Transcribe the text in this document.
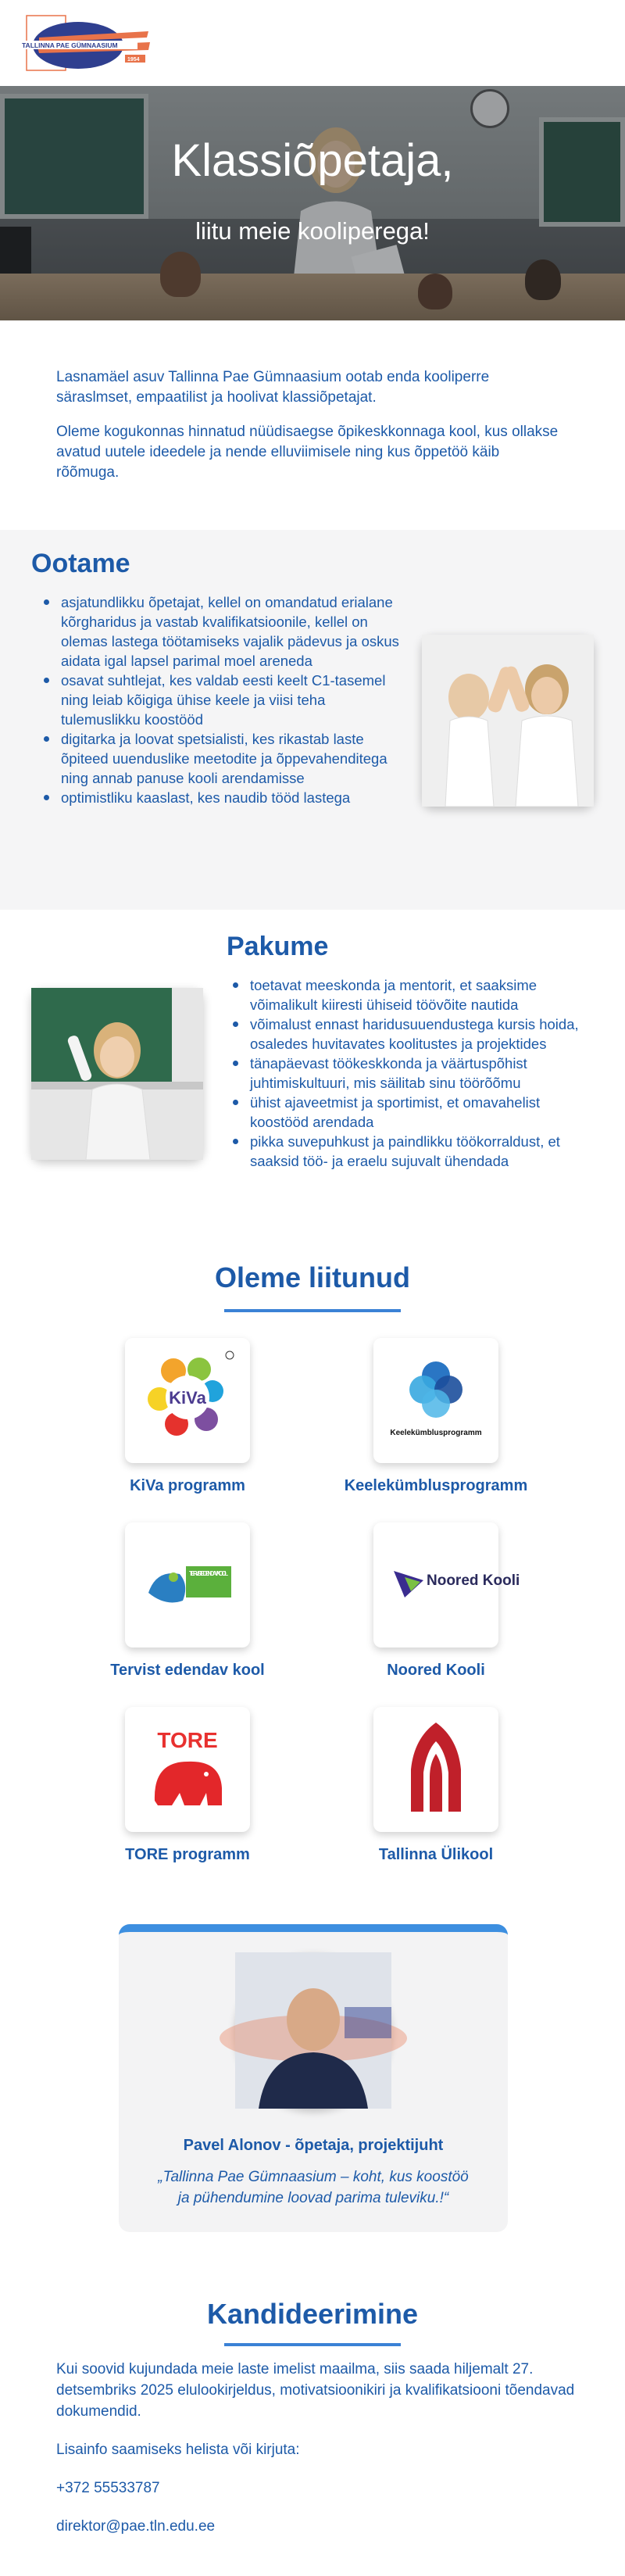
TALLINNA PAE GÜMNAASIUM
1954
Klassiõpetaja,
liitu meie kooliperega!

Lasnamäel asuv Tallinna Pae Gümnaasium ootab enda kooliperre säraslmset, empaatilist ja hoolivat klassiõpetajat.

Oleme kogukonnas hinnatud nüüdisaegse õpikeskkonnaga kool, kus ollakse avatud uutele ideedele ja nende elluviimisele ning kus õppetöö käib rõõmuga.

Ootame
asjatundlikku õpetajat, kellel on omandatud erialane kõrgharidus ja vastab kvalifikatsioonile, kellel on olemas lastega töötamiseks vajalik pädevus ja oskus aidata igal lapsel parimal moel areneda
osavat suhtlejat, kes valdab eesti keelt C1-tasemel ning leiab kõigiga ühise keele ja viisi teha tulemuslikku koostööd
digitarka ja loovat spetsialisti, kes rikastab laste õpiteed uuenduslike meetodite ja õppevahenditega ning annab panuse kooli arendamisse
optimistliku kaaslast, kes naudib tööd lastega
Pakume
toetavat meeskonda ja mentorit, et saaksime võimalikult kiiresti ühiseid töövõite nautida
võimalust ennast haridusuuendustega kursis hoida, osaledes huvitavates koolitustes ja projektides
tänapäevast töökeskkonda ja väärtuspõhist juhtimiskultuuri, mis säilitab sinu töörõõmu
ühist ajaveetmist ja sportimist, et omavahelist koostööd arendada
pikka suvepuhkust ja paindlikku töökorraldust, et saaksid töö- ja eraelu sujuvalt ühendada
Oleme liitunud
KiVa
KiVa programm
Keelekümblusprogramm
Keelekümblusprogramm
TERVIST EDENDAV KOOL
Tervist edendav kool
Noored Kooli
Noored Kooli
TORE
TORE programm	Tallinna Ülikool
Pavel Alonov - õpetaja, projektijuht
„Tallinna Pae Gümnaasium – koht, kus koostöö ja pühendumine loovad parima tuleviku.!“
Kandideerimine

Kui soovid kujundada meie laste imelist maailma, siis saada hiljemalt 27. detsembriks 2025 elulookirjeldus, motivatsioonikiri ja kvalifikatsiooni tõendavad dokumendid.

Lisainfo saamiseks helista või kirjuta:

+372 55533787

direktor@pae.tln.edu.ee
